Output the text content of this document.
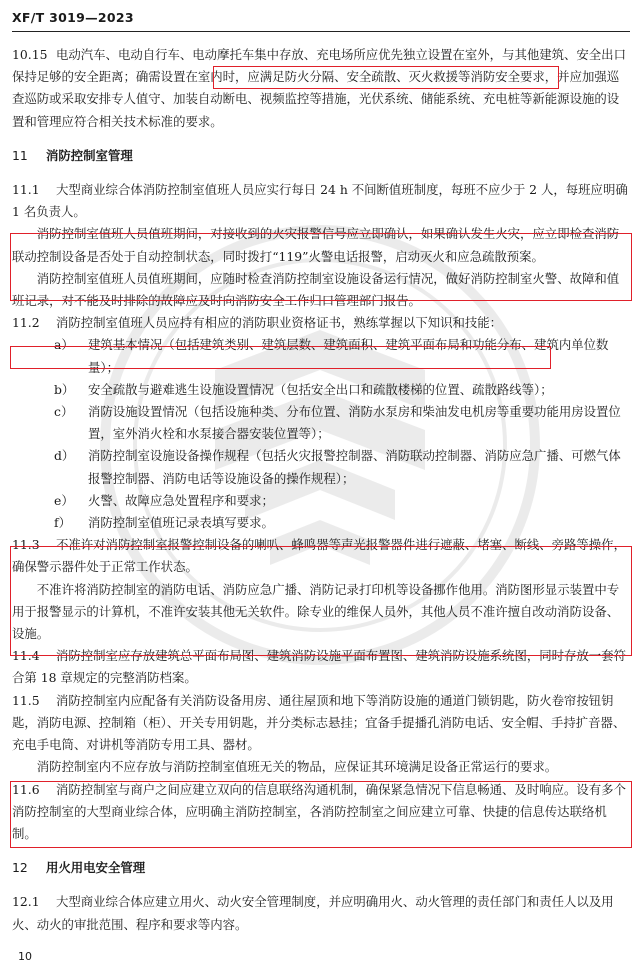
XF/T 3019—2023

10.15 电动汽车、电动自行车、电动摩托车集中存放、充电场所应优先独立设置在室外，与其他建筑、安全出口保持足够的安全距离；确需设置在室内时，应满足防火分隔、安全疏散、灭火救援等消防安全要求，并应加强巡查巡防或采取安排专人值守、加装自动断电、视频监控等措施，光伏系统、储能系统、充电桩等新能源设施的设置和管理应符合相关技术标准的要求。

11 消防控制室管理

11.1 大型商业综合体消防控制室值班人员应实行每日 24 h 不间断值班制度，每班不应少于 2 人，每班应明确 1 名负责人。

消防控制室值班人员值班期间，对接收到的火灾报警信号应立即确认，如果确认发生火灾，应立即检查消防联动控制设备是否处于自动控制状态，同时拨打“119”火警电话报警，启动灭火和应急疏散预案。

消防控制室值班人员值班期间，应随时检查消防控制室设施设备运行情况，做好消防控制室火警、故障和值班记录，对不能及时排除的故障应及时向消防安全工作归口管理部门报告。

11.2 消防控制室值班人员应持有相应的消防职业资格证书，熟练掌握以下知识和技能：

a）	建筑基本情况（包括建筑类别、建筑层数、建筑面积、建筑平面布局和功能分布、建筑内单位数量）；
b）	安全疏散与避难逃生设施设置情况（包括安全出口和疏散楼梯的位置、疏散路线等）；
c）	消防设施设置情况（包括设施种类、分布位置、消防水泵房和柴油发电机房等重要功能用房设置位置，室外消火栓和水泵接合器安装位置等）；
d）	消防控制室设施设备操作规程（包括火灾报警控制器、消防联动控制器、消防应急广播、可燃气体报警控制器、消防电话等设施设备的操作规程）；
e）	火警、故障应急处置程序和要求；
f）	消防控制室值班记录表填写要求。

11.3 不准许对消防控制室报警控制设备的喇叭、蜂鸣器等声光报警器件进行遮蔽、堵塞、断线、旁路等操作，确保警示器件处于正常工作状态。

不准许将消防控制室的消防电话、消防应急广播、消防记录打印机等设备挪作他用。消防图形显示装置中专用于报警显示的计算机，不准许安装其他无关软件。除专业的维保人员外，其他人员不准许擅自改动消防设备、设施。

11.4 消防控制室应存放建筑总平面布局图、建筑消防设施平面布置图、建筑消防设施系统图，同时存放一套符合第 18 章规定的完整消防档案。

11.5 消防控制室内应配备有关消防设备用房、通往屋顶和地下等消防设施的通道门锁钥匙，防火卷帘按钮钥匙，消防电源、控制箱（柜）、开关专用钥匙，并分类标志悬挂；宜备手提播孔消防电话、安全帽、手持扩音器、充电手电筒、对讲机等消防专用工具、器材。

消防控制室内不应存放与消防控制室值班无关的物品，应保证其环境满足设备正常运行的要求。

11.6 消防控制室与商户之间应建立双向的信息联络沟通机制，确保紧急情况下信息畅通、及时响应。设有多个消防控制室的大型商业综合体，应明确主消防控制室，各消防控制室之间应建立可靠、快捷的信息传达联络机制。

12 用火用电安全管理

12.1 大型商业综合体应建立用火、动火安全管理制度，并应明确用火、动火管理的责任部门和责任人以及用火、动火的审批范围、程序和要求等内容。

10
